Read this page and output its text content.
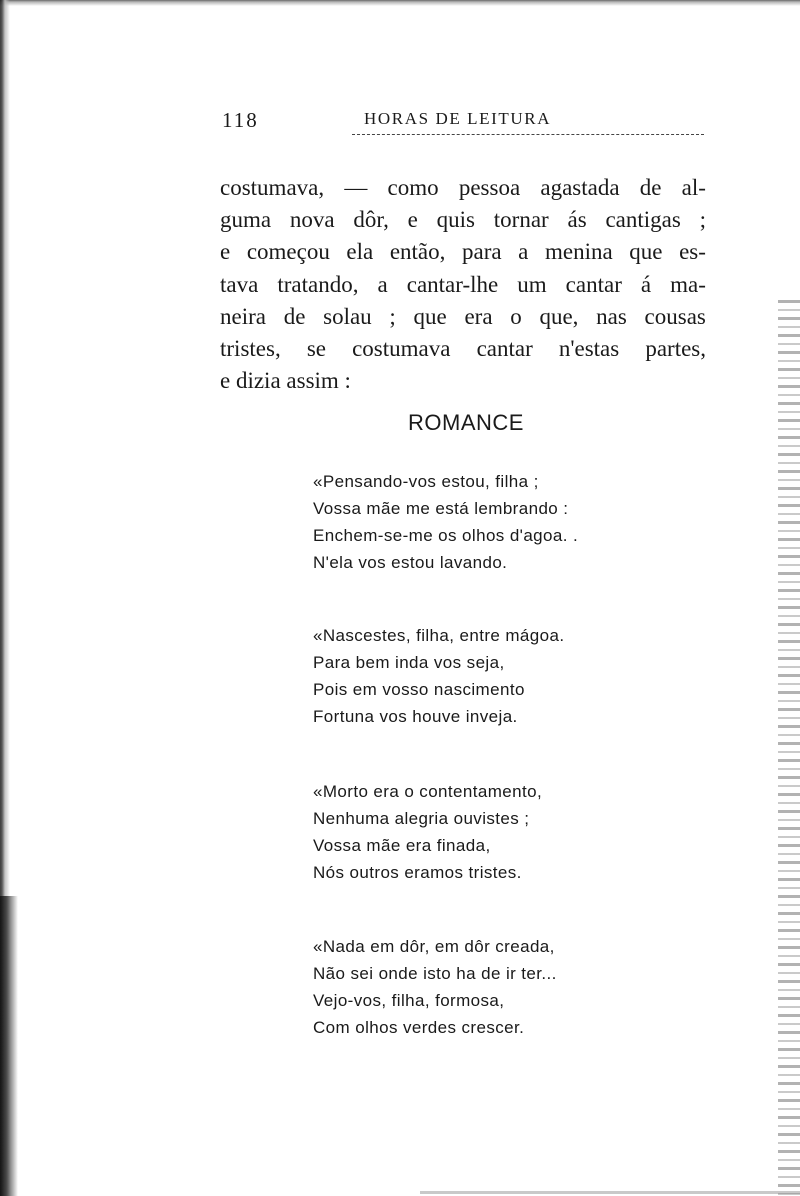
118	HORAS DE LEITURA
costumava, — como pessoa agastada de al-
guma nova dôr, e quis tornar ás cantigas ;
e começou ela então, para a menina que es-
tava tratando, a cantar-lhe um cantar á ma-
neira de solau ; que era o que, nas cousas
tristes, se costumava cantar n'estas partes,
e dizia assim :
ROMANCE
«Pensando-vos estou, filha ;
Vossa mãe me está lembrando :
Enchem-se-me os olhos d'agoa. .
N'ela vos estou lavando.
«Nascestes, filha, entre mágoa.
Para bem inda vos seja,
Pois em vosso nascimento
Fortuna vos houve inveja.
«Morto era o contentamento,
Nenhuma alegria ouvistes ;
Vossa mãe era finada,
Nós outros eramos tristes.
«Nada em dôr, em dôr creada,
Não sei onde isto ha de ir ter...
Vejo-vos, filha, formosa,
Com olhos verdes crescer.
